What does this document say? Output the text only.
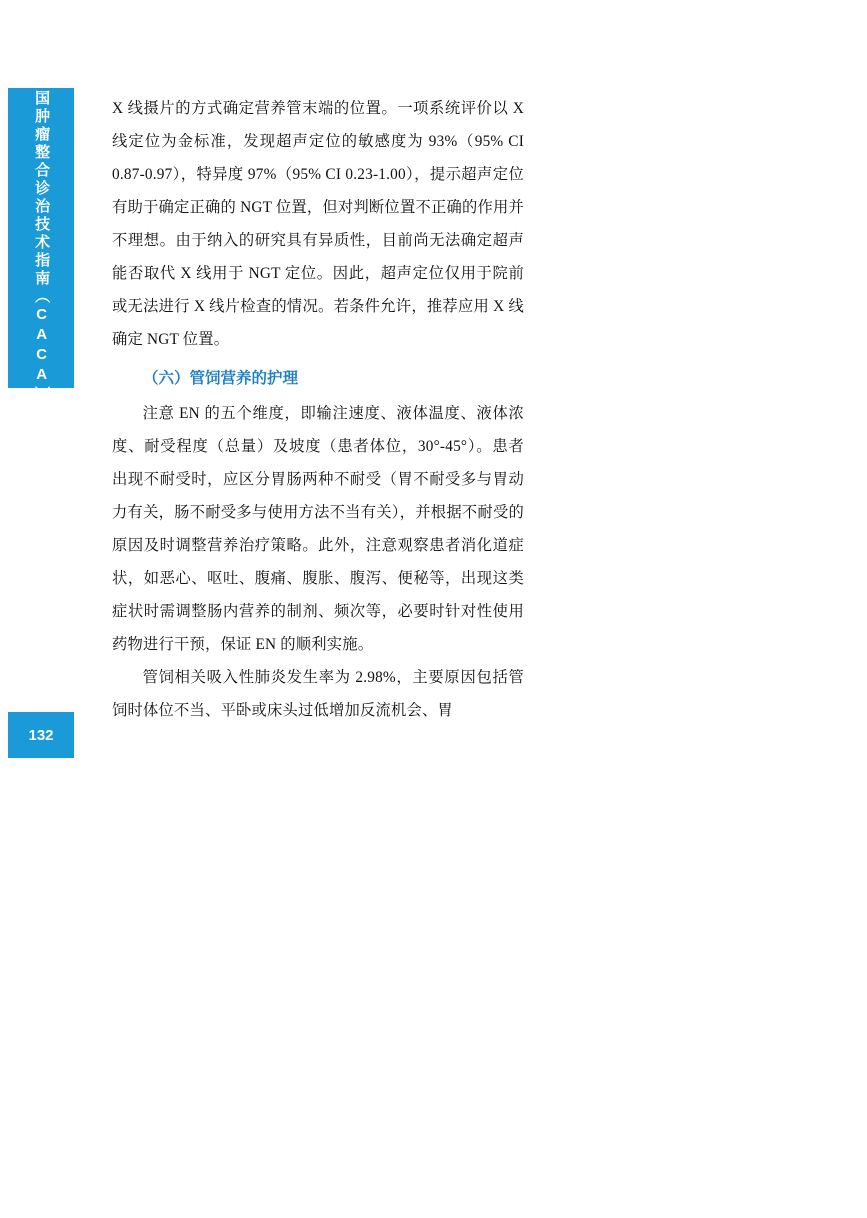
中国肿瘤整合诊治技术指南（CACA）
132

X 线摄片的方式确定营养管末端的位置。一项系统评价以 X 线定位为金标准，发现超声定位的敏感度为 93%（95% CI 0.87-0.97），特异度 97%（95% CI 0.23-1.00），提示超声定位有助于确定正确的 NGT 位置，但对判断位置不正确的作用并不理想。由于纳入的研究具有异质性，目前尚无法确定超声能否取代 X 线用于 NGT 定位。因此，超声定位仅用于院前或无法进行 X 线片检查的情况。若条件允许，推荐应用 X 线确定 NGT 位置。

（六）管饲营养的护理

注意 EN 的五个维度，即输注速度、液体温度、液体浓度、耐受程度（总量）及坡度（患者体位，30°-45°）。患者出现不耐受时，应区分胃肠两种不耐受（胃不耐受多与胃动力有关，肠不耐受多与使用方法不当有关），并根据不耐受的原因及时调整营养治疗策略。此外，注意观察患者消化道症状，如恶心、呕吐、腹痛、腹胀、腹泻、便秘等，出现这类症状时需调整肠内营养的制剂、频次等，必要时针对性使用药物进行干预，保证 EN 的顺利实施。

管饲相关吸入性肺炎发生率为 2.98%，主要原因包括管饲时体位不当、平卧或床头过低增加反流机会、胃
